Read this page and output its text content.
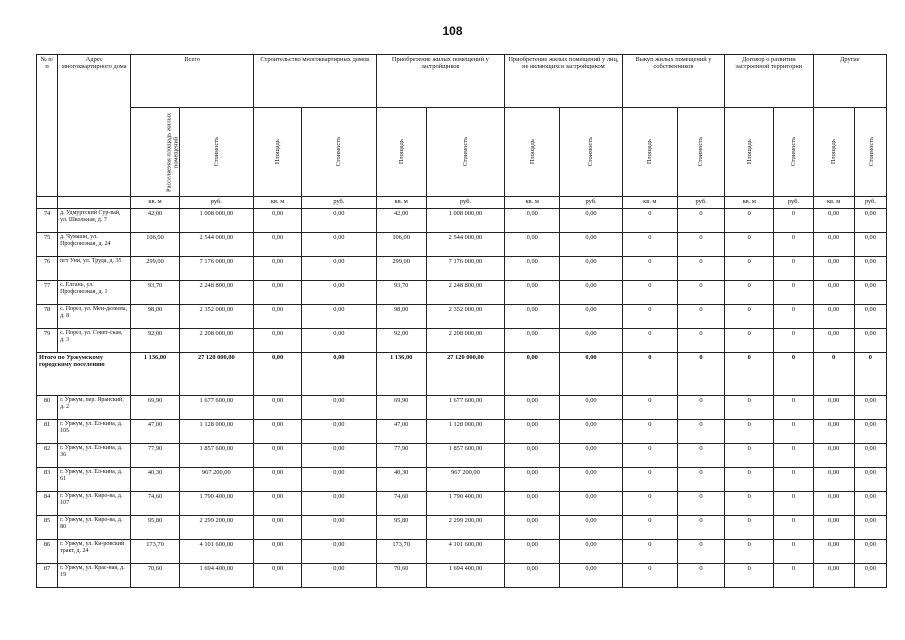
108
№ п/п	Адрес многоквартирного дома	Всего		Строительство многоквартирных домов		Приобретение жилых помещений у застройщиков		Приобретение жилых помещений у лиц, не являющихся застройщиком		Выкуп жилых помещений у собственников		Договор о развитии застроенной территории		Другие	
		Расселяемая площадь жилых помещений	Стоимость	Площадь	Стоимость	Площадь	Стоимость	Площадь	Стоимость	Площадь	Стоимость	Площадь	Стоимость	Площадь	Стоимость
		кв. м	руб.	кв. м	руб.	кв. м	руб.	кв. м	руб.	кв. м	руб.	кв. м	руб.	кв. м	руб.
74	д. Удмуртский Сур-вай, ул. Школьная, д. 7	42,00	1 008 000,00	0,00	0,00	42,00	1 008 000,00	0,00	0,00	0	0	0	0	0,00	0,00
75	д. Чумаши, ул. Профсоюзная, д. 24	106,00	2 544 000,00	0,00	0,00	106,00	2 544 000,00	0,00	0,00	0	0	0	0	0,00	0,00
76	пгт Уни, ул. Труда, д. 35	299,00	7 176 000,00	0,00	0,00	299,00	7 176 000,00	0,00	0,00	0	0	0	0	0,00	0,00
77	с. Елгань, ул. Профсоюзная, д. 1	93,70	2 248 800,00	0,00	0,00	93,70	2 248 800,00	0,00	0,00	0	0	0	0	0,00	0,00
78	с. Порез, ул. Мен-делеева, д. 8	98,00	2 352 000,00	0,00	0,00	98,00	2 352 000,00	0,00	0,00	0	0	0	0	0,00	0,00
79	с. Порез, ул. Совет-ская, д. 3	92,00	2 208 000,00	0,00	0,00	92,00	2 208 000,00	0,00	0,00	0	0	0	0	0,00	0,00
Итого по Уржумскому городскому поселению		1 136,00	27 120 000,00	0,00	0,00	1 136,00	27 120 000,00	0,00	0,00	0	0	0	0	0	0
80	г. Уржум, пер. Яранский, д. 2	69,90	1 677 600,00	0,00	0,00	69,90	1 677 600,00	0,00	0,00	0	0	0	0	0,00	0,00
81	г. Уржум, ул. Ел-кина, д. 105	47,00	1 128 000,00	0,00	0,00	47,00	1 128 000,00	0,00	0,00	0	0	0	0	0,00	0,00
82	г. Уржум, ул. Ел-кина, д. 36	77,90	1 857 600,00	0,00	0,00	77,90	1 857 600,00	0,00	0,00	0	0	0	0	0,00	0,00
83	г. Уржум, ул. Ел-кина, д. 61	40,30	967 200,00	0,00	0,00	40,30	967 200,00	0,00	0,00	0	0	0	0	0,00	0,00
84	г. Уржум, ул. Киро-ва, д. 107	74,60	1 790 400,00	0,00	0,00	74,60	1 790 400,00	0,00	0,00	0	0	0	0	0,00	0,00
85	г. Уржум, ул. Киро-ва, д. 80	95,80	2 299 200,00	0,00	0,00	95,80	2 299 200,00	0,00	0,00	0	0	0	0	0,00	0,00
86	г. Уржум, ул. Ки-ровский тракт, д. 24	173,70	4 101 600,00	0,00	0,00	173,70	4 101 600,00	0,00	0,00	0	0	0	0	0,00	0,00
87	г. Уржум, ул. Крас-ная, д. 19	70,60	1 694 400,00	0,00	0,00	70,60	1 694 400,00	0,00	0,00	0	0	0	0	0,00	0,00
